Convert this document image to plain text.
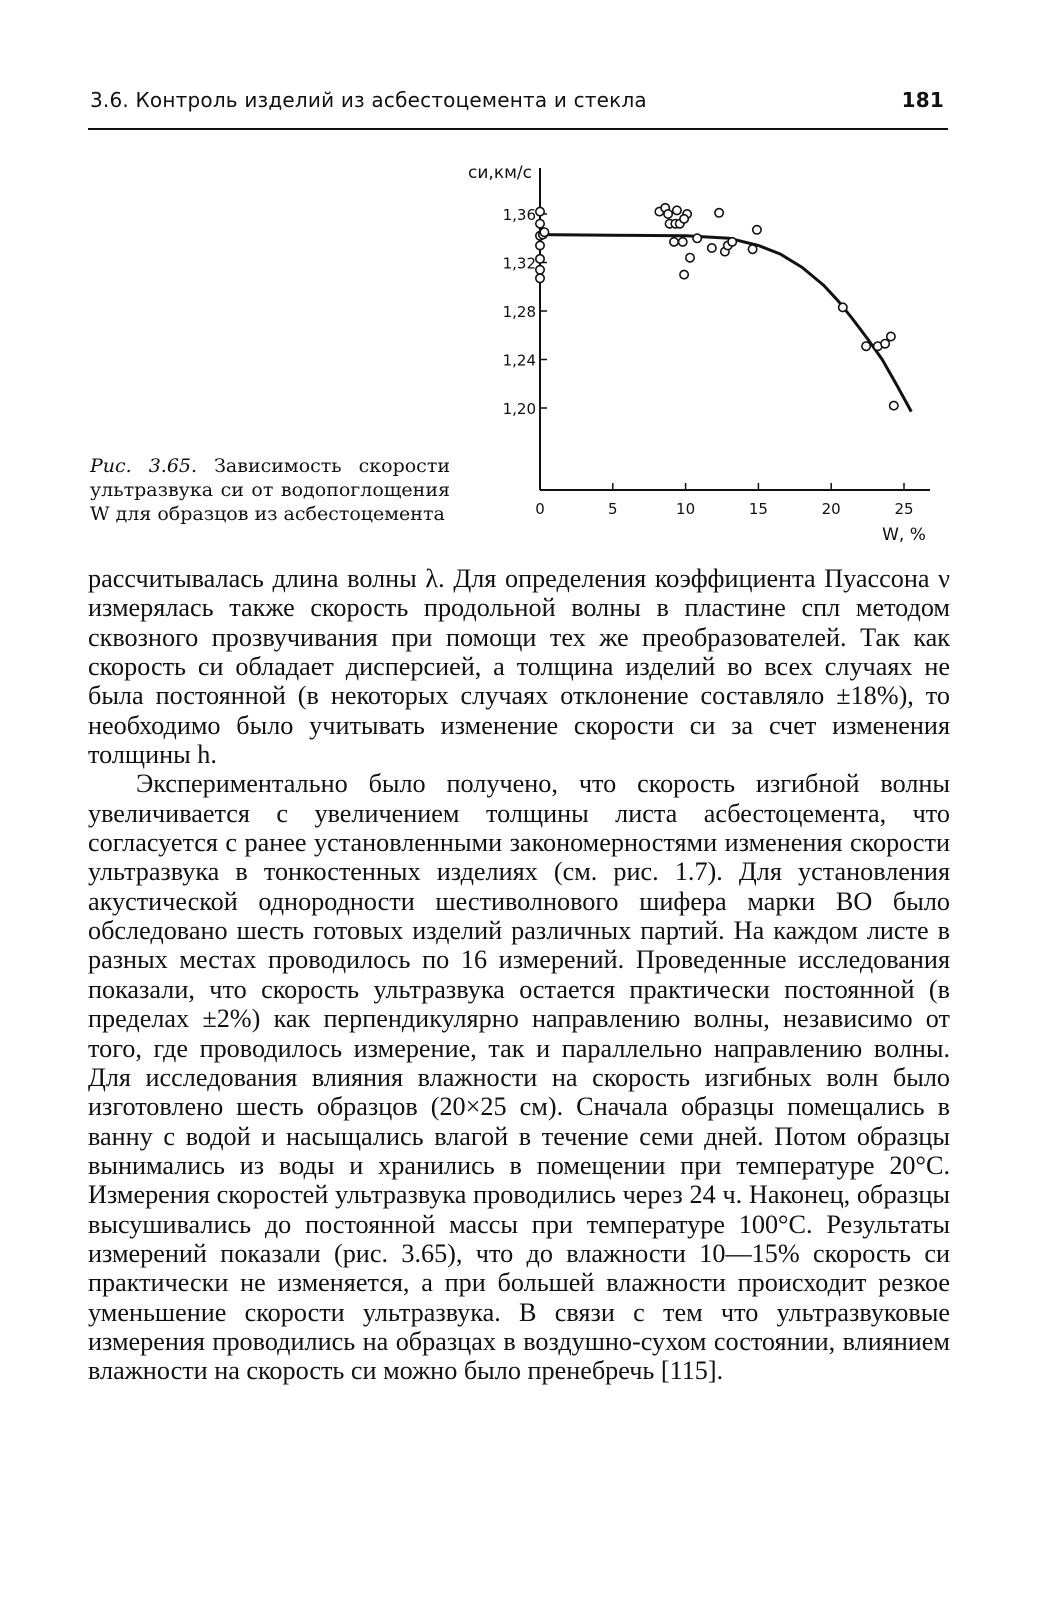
3.6. Контроль изделий из асбестоцемента и стекла	181
cи,км/с
1,36
1,32
1,28
1,24
1,20
0	5	10	15	20	25
W, %
Рис. 3.65. Зависимость скорости ультразвука cи от водопоглощения W для образцов из асбестоцемента

рассчитывалась длина волны λ. Для определения коэффициента Пуассона ν измерялась также скорость продольной волны в пластине cпл методом сквозного прозвучивания при помощи тех же преобразователей. Так как скорость cи обладает дисперсией, а толщина изделий во всех случаях не была постоянной (в некоторых случаях отклонение составляло ±18%), то необходимо было учитывать изменение скорости cи за счет изменения толщины h.

Экспериментально было получено, что скорость изгибной волны увеличивается с увеличением толщины листа асбестоцемента, что согласуется с ранее установленными закономерностями изменения скорости ультразвука в тонкостенных изделиях (см. рис. 1.7). Для установления акустической однородности шестиволнового шифера марки ВО было обследовано шесть готовых изделий различных партий. На каждом листе в разных местах проводилось по 16 измерений. Проведенные исследования показали, что скорость ультразвука остается практически постоянной (в пределах ±2%) как перпендикулярно направлению волны, независимо от того, где проводилось измерение, так и параллельно направлению волны. Для исследования влияния влажности на скорость изгибных волн было изготовлено шесть образцов (20×25 см). Сначала образцы помещались в ванну с водой и насыщались влагой в течение семи дней. Потом образцы вынимались из воды и хранились в помещении при температуре 20°C. Измерения скоростей ультразвука проводились через 24 ч. Наконец, образцы высушивались до постоянной массы при температуре 100°C. Результаты измерений показали (рис. 3.65), что до влажности 10—15% скорость cи практически не изменяется, а при большей влажности происходит резкое уменьшение скорости ультразвука. В связи с тем что ультразвуковые измерения проводились на образцах в воздушно-сухом состоянии, влиянием влажности на скорость cи можно было пренебречь [115].
